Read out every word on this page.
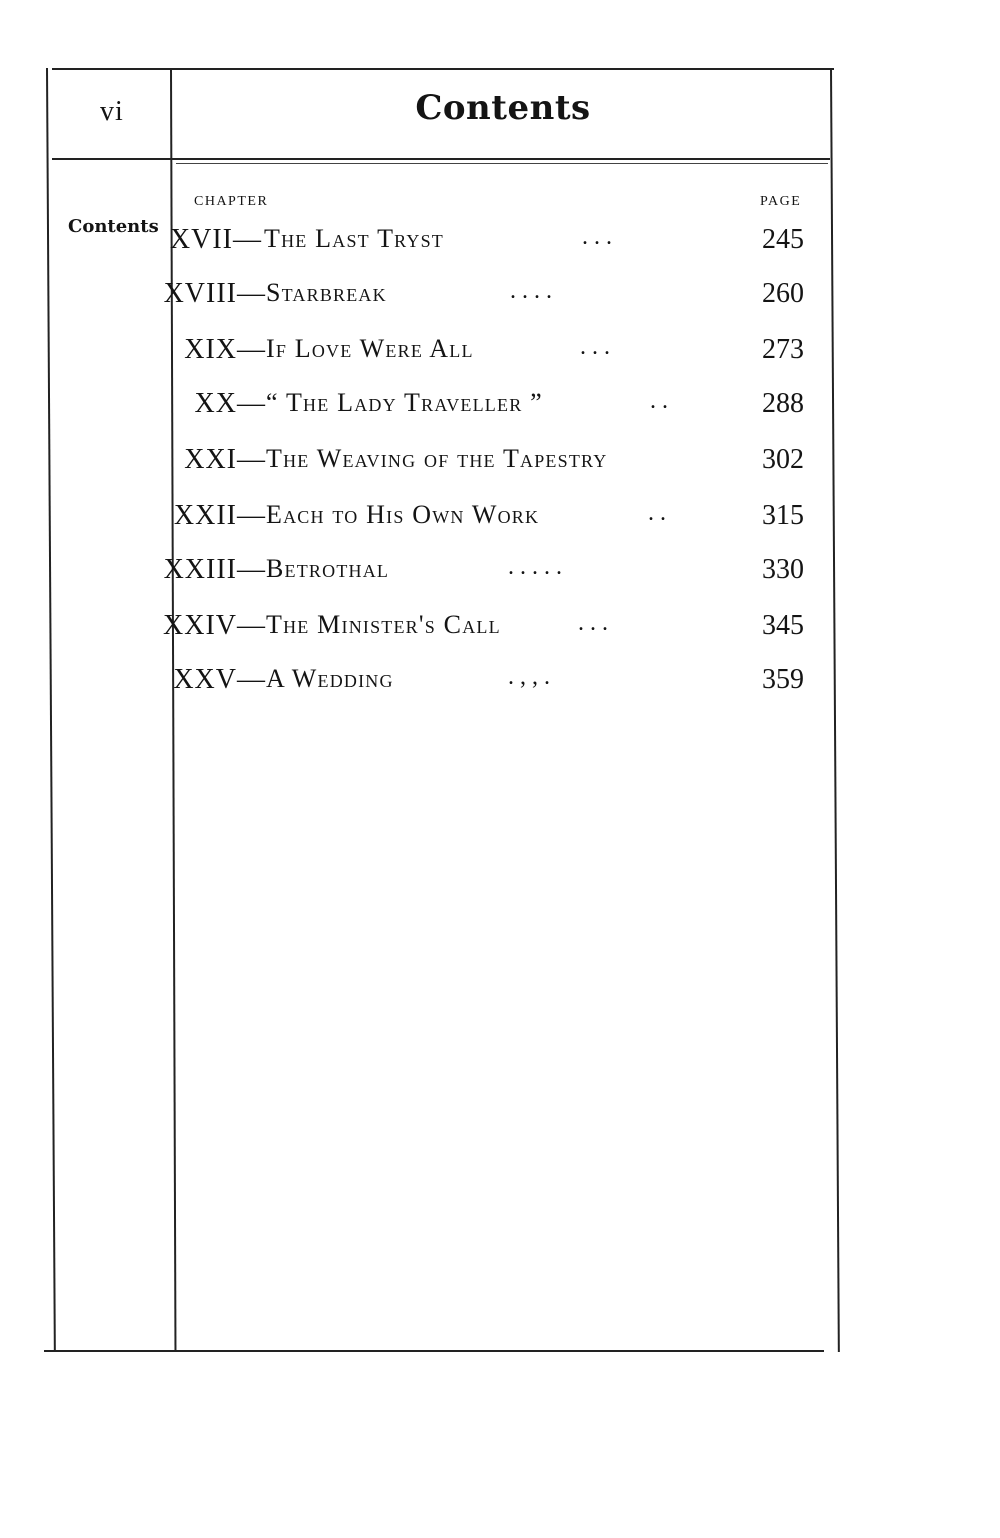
vi	Contents
Contents
CHAPTER	PAGE
XVII— The Last Tryst	. . .	245
XVIII— Starbreak	. . . .	260
XIX— If Love Were All	. . .	273
XX— “ The Lady Traveller ”	. .	288
XXI— The Weaving of the Tapestry	302
XXII— Each to His Own Work	. .	315
XXIII— Betrothal	. . . . .	330
XXIV— The Minister's Call	. . .	345
XXV— A Wedding	. , , .	359
